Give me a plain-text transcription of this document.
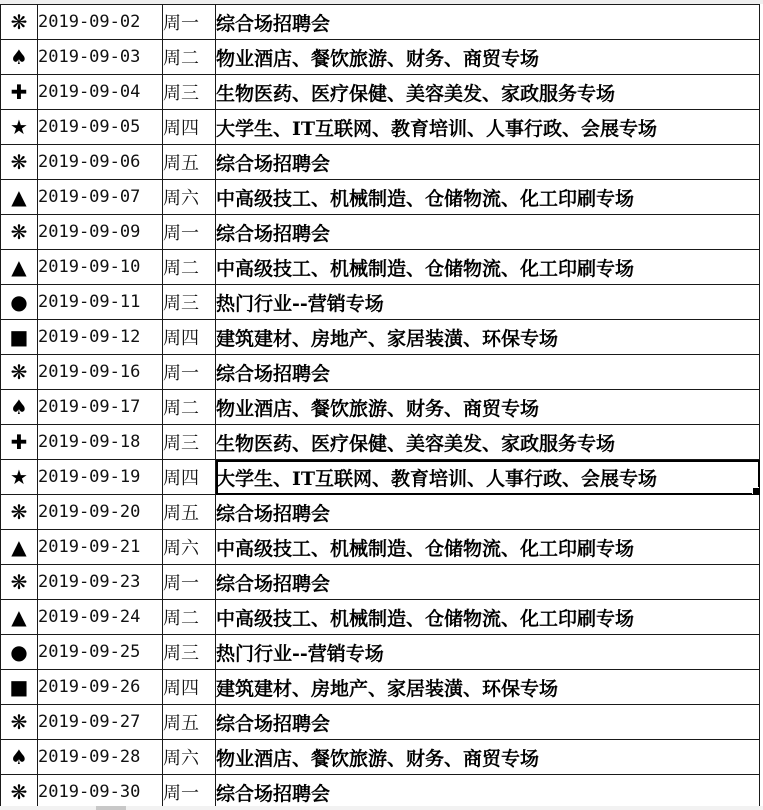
❋	2019-09-02	周一	综合场招聘会
♠	2019-09-03	周二	物业酒店、餐饮旅游、财务、商贸专场
✚	2019-09-04	周三	生物医药、医疗保健、美容美发、家政服务专场
★	2019-09-05	周四	大学生、IT互联网、教育培训、人事行政、会展专场
❋	2019-09-06	周五	综合场招聘会
▲	2019-09-07	周六	中高级技工、机械制造、仓储物流、化工印刷专场
❋	2019-09-09	周一	综合场招聘会
▲	2019-09-10	周二	中高级技工、机械制造、仓储物流、化工印刷专场
●	2019-09-11	周三	热门行业--营销专场
■	2019-09-12	周四	建筑建材、房地产、家居装潢、环保专场
❋	2019-09-16	周一	综合场招聘会
♠	2019-09-17	周二	物业酒店、餐饮旅游、财务、商贸专场
✚	2019-09-18	周三	生物医药、医疗保健、美容美发、家政服务专场
★	2019-09-19	周四	大学生、IT互联网、教育培训、人事行政、会展专场

❋	2019-09-20	周五	综合场招聘会
▲	2019-09-21	周六	中高级技工、机械制造、仓储物流、化工印刷专场
❋	2019-09-23	周一	综合场招聘会
▲	2019-09-24	周二	中高级技工、机械制造、仓储物流、化工印刷专场
●	2019-09-25	周三	热门行业--营销专场
■	2019-09-26	周四	建筑建材、房地产、家居装潢、环保专场
❋	2019-09-27	周五	综合场招聘会
♠	2019-09-28	周六	物业酒店、餐饮旅游、财务、商贸专场
❋	2019-09-30	周一	综合场招聘会
